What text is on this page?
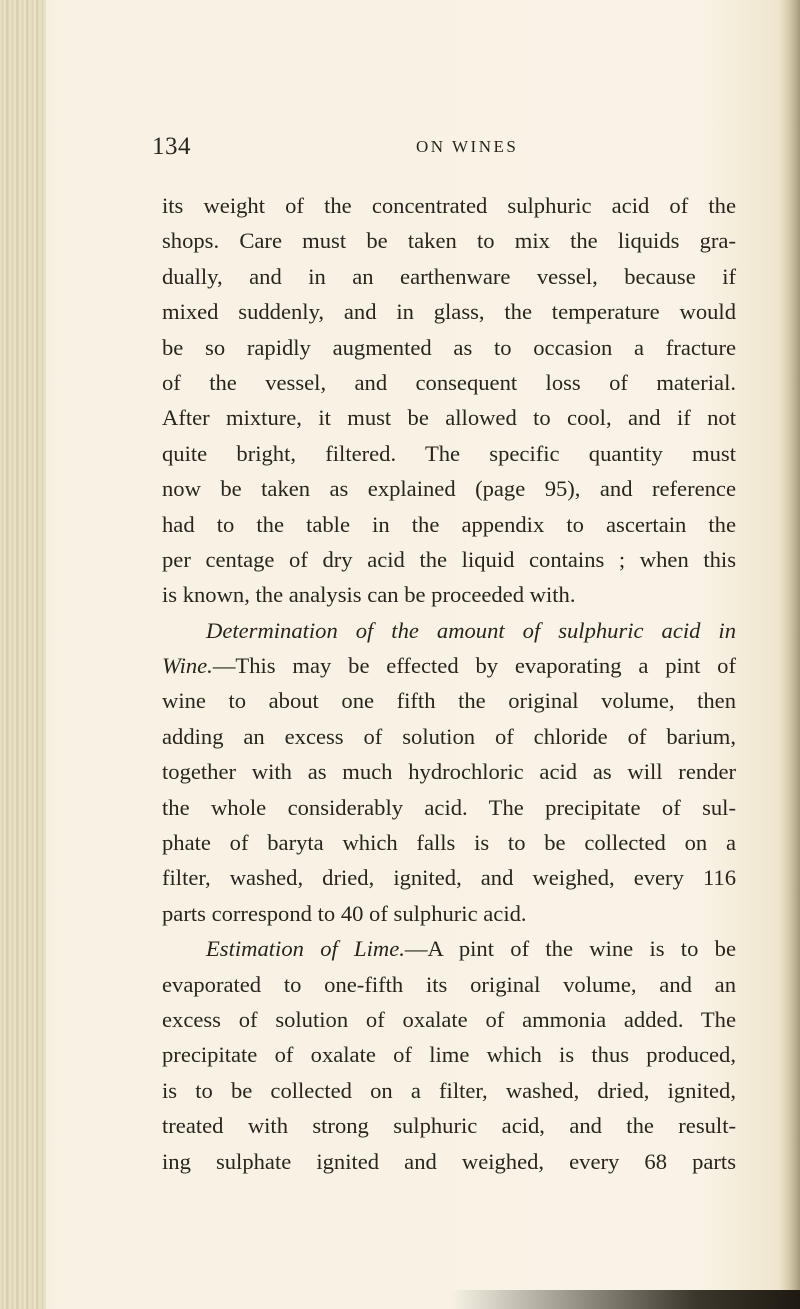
134	ON WINES
its weight of the concentrated sulphuric acid of the
shops. Care must be taken to mix the liquids gra-
dually, and in an earthenware vessel, because if
mixed suddenly, and in glass, the temperature would
be so rapidly augmented as to occasion a fracture
of the vessel, and consequent loss of material.
After mixture, it must be allowed to cool, and if not
quite bright, filtered. The specific quantity must
now be taken as explained (page 95), and reference
had to the table in the appendix to ascertain the
per centage of dry acid the liquid contains ; when this
is known, the analysis can be proceeded with.
Determination of the amount of sulphuric acid in
Wine.—This may be effected by evaporating a pint of
wine to about one fifth the original volume, then
adding an excess of solution of chloride of barium,
together with as much hydrochloric acid as will render
the whole considerably acid. The precipitate of sul-
phate of baryta which falls is to be collected on a
filter, washed, dried, ignited, and weighed, every 116
parts correspond to 40 of sulphuric acid.
Estimation of Lime.—A pint of the wine is to be
evaporated to one-fifth its original volume, and an
excess of solution of oxalate of ammonia added. The
precipitate of oxalate of lime which is thus produced,
is to be collected on a filter, washed, dried, ignited,
treated with strong sulphuric acid, and the result-
ing sulphate ignited and weighed, every 68 parts
